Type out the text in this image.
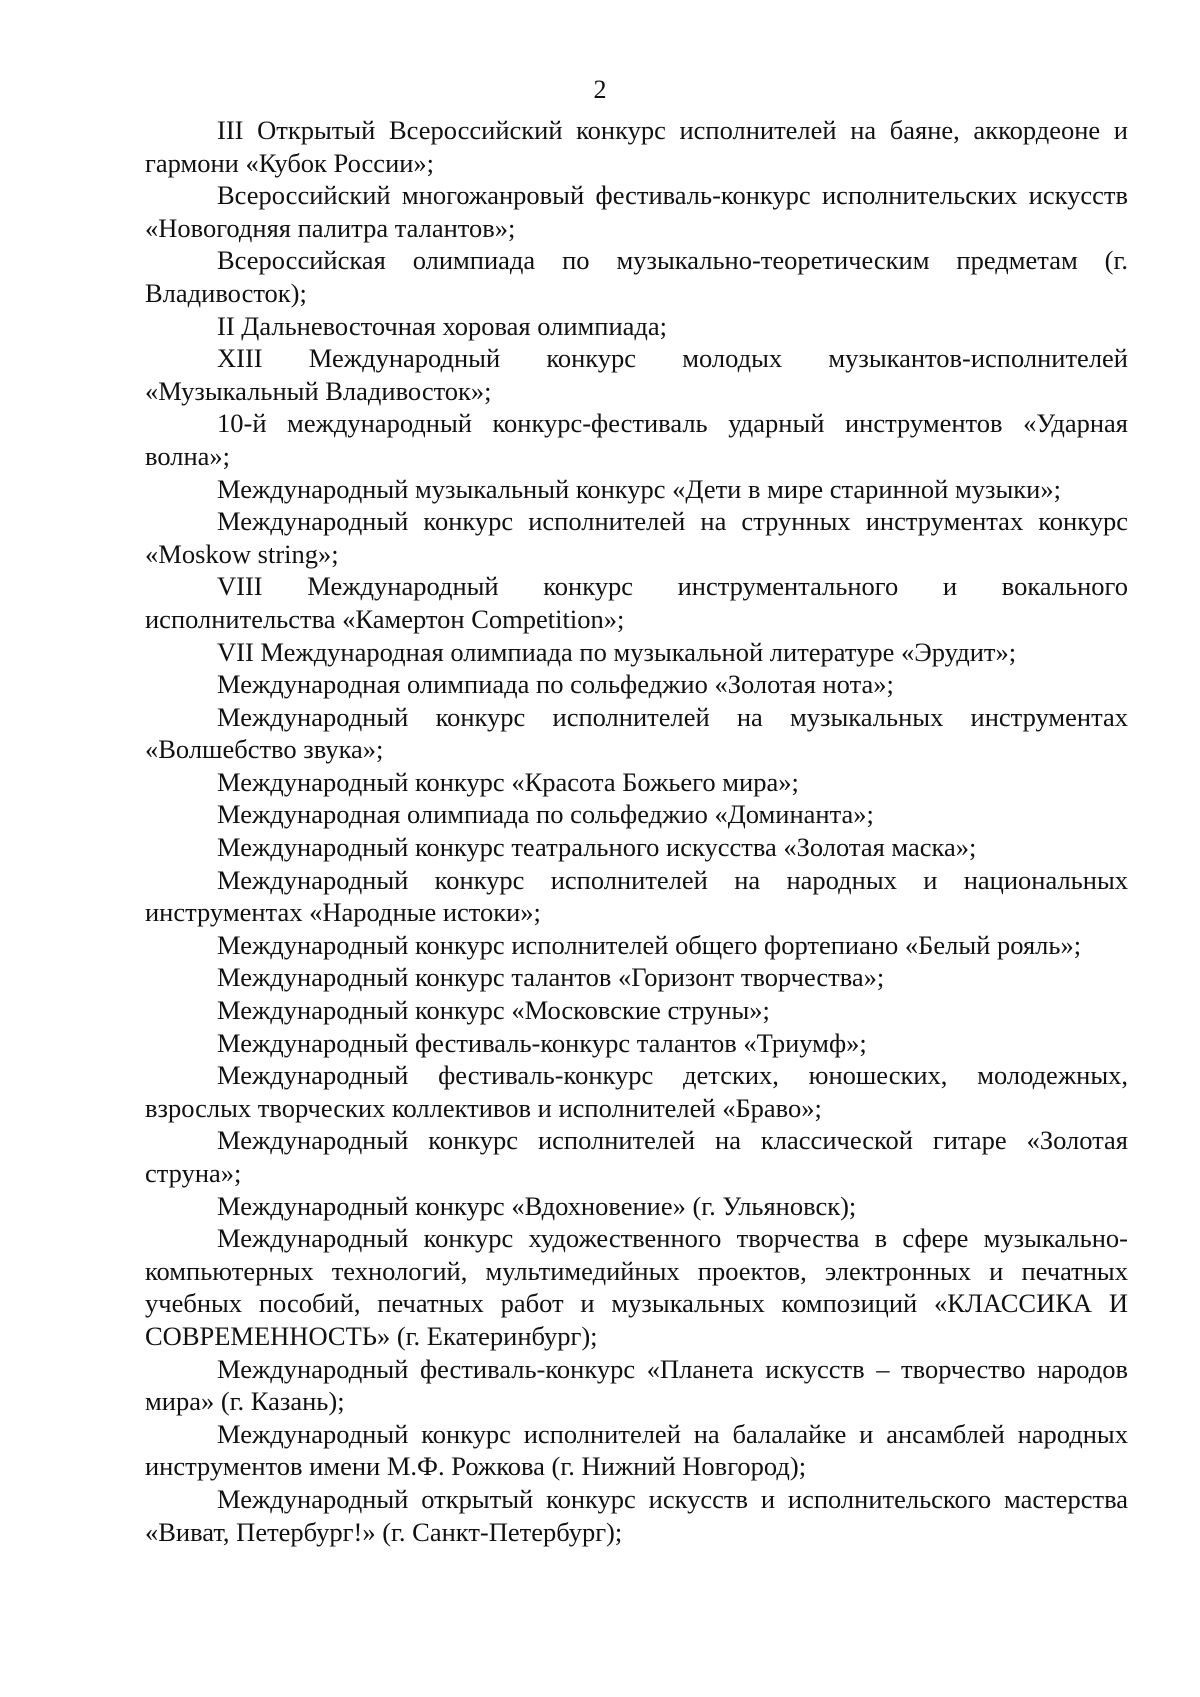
2

III Открытый Всероссийский конкурс исполнителей на баяне, аккордеоне и гармони «Кубок России»;

Всероссийский многожанровый фестиваль-конкурс исполнительских искусств «Новогодняя палитра талантов»;

Всероссийская олимпиада по музыкально-теоретическим предметам (г. Владивосток);

II Дальневосточная хоровая олимпиада;

XIII Международный конкурс молодых музыкантов-исполнителей «Музыкальный Владивосток»;

10-й международный конкурс-фестиваль ударный инструментов «Ударная волна»;

Международный музыкальный конкурс «Дети в мире старинной музыки»;

Международный конкурс исполнителей на струнных инструментах конкурс «Moskow string»;

VIII Международный конкурс инструментального и вокального исполнительства «Камертон Competition»;

VII Международная олимпиада по музыкальной литературе «Эрудит»;

Международная олимпиада по сольфеджио «Золотая нота»;

Международный конкурс исполнителей на музыкальных инструментах «Волшебство звука»;

Международный конкурс «Красота Божьего мира»;

Международная олимпиада по сольфеджио «Доминанта»;

Международный конкурс театрального искусства «Золотая маска»;

Международный конкурс исполнителей на народных и национальных инструментах «Народные истоки»;

Международный конкурс исполнителей общего фортепиано «Белый рояль»;

Международный конкурс талантов «Горизонт творчества»;

Международный конкурс «Московские струны»;

Международный фестиваль-конкурс талантов «Триумф»;

Международный фестиваль-конкурс детских, юношеских, молодежных, взрослых творческих коллективов и исполнителей «Браво»;

Международный конкурс исполнителей на классической гитаре «Золотая струна»;

Международный конкурс «Вдохновение» (г. Ульяновск);

Международный конкурс художественного творчества в сфере музыкально-компьютерных технологий, мультимедийных проектов, электронных и печатных учебных пособий, печатных работ и музыкальных композиций «КЛАССИКА И СОВРЕМЕННОСТЬ» (г. Екатеринбург);

Международный фестиваль-конкурс «Планета искусств – творчество народов мира» (г. Казань);

Международный конкурс исполнителей на балалайке и ансамблей народных инструментов имени М.Ф. Рожкова (г. Нижний Новгород);

Международный открытый конкурс искусств и исполнительского мастерства «Виват, Петербург!» (г. Санкт-Петербург);
